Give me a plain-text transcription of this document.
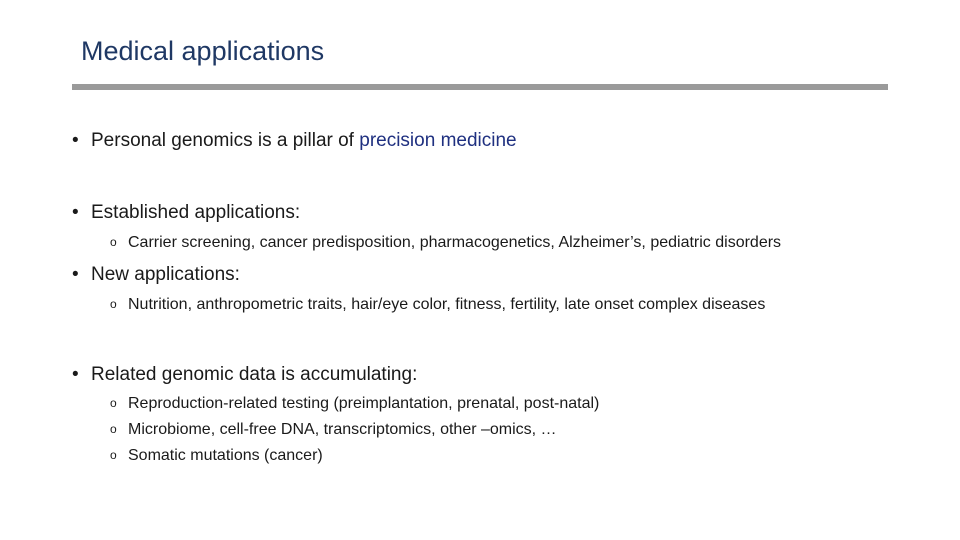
Medical applications
• Personal genomics is a pillar of precision medicine
• Established applications:
o Carrier screening, cancer predisposition, pharmacogenetics, Alzheimer’s, pediatric disorders
• New applications:
o Nutrition, anthropometric traits, hair/eye color, fitness, fertility, late onset complex diseases
• Related genomic data is accumulating:
o Reproduction-related testing (preimplantation, prenatal, post-natal)
o Microbiome, cell-free DNA, transcriptomics, other –omics, …
o Somatic mutations (cancer)
